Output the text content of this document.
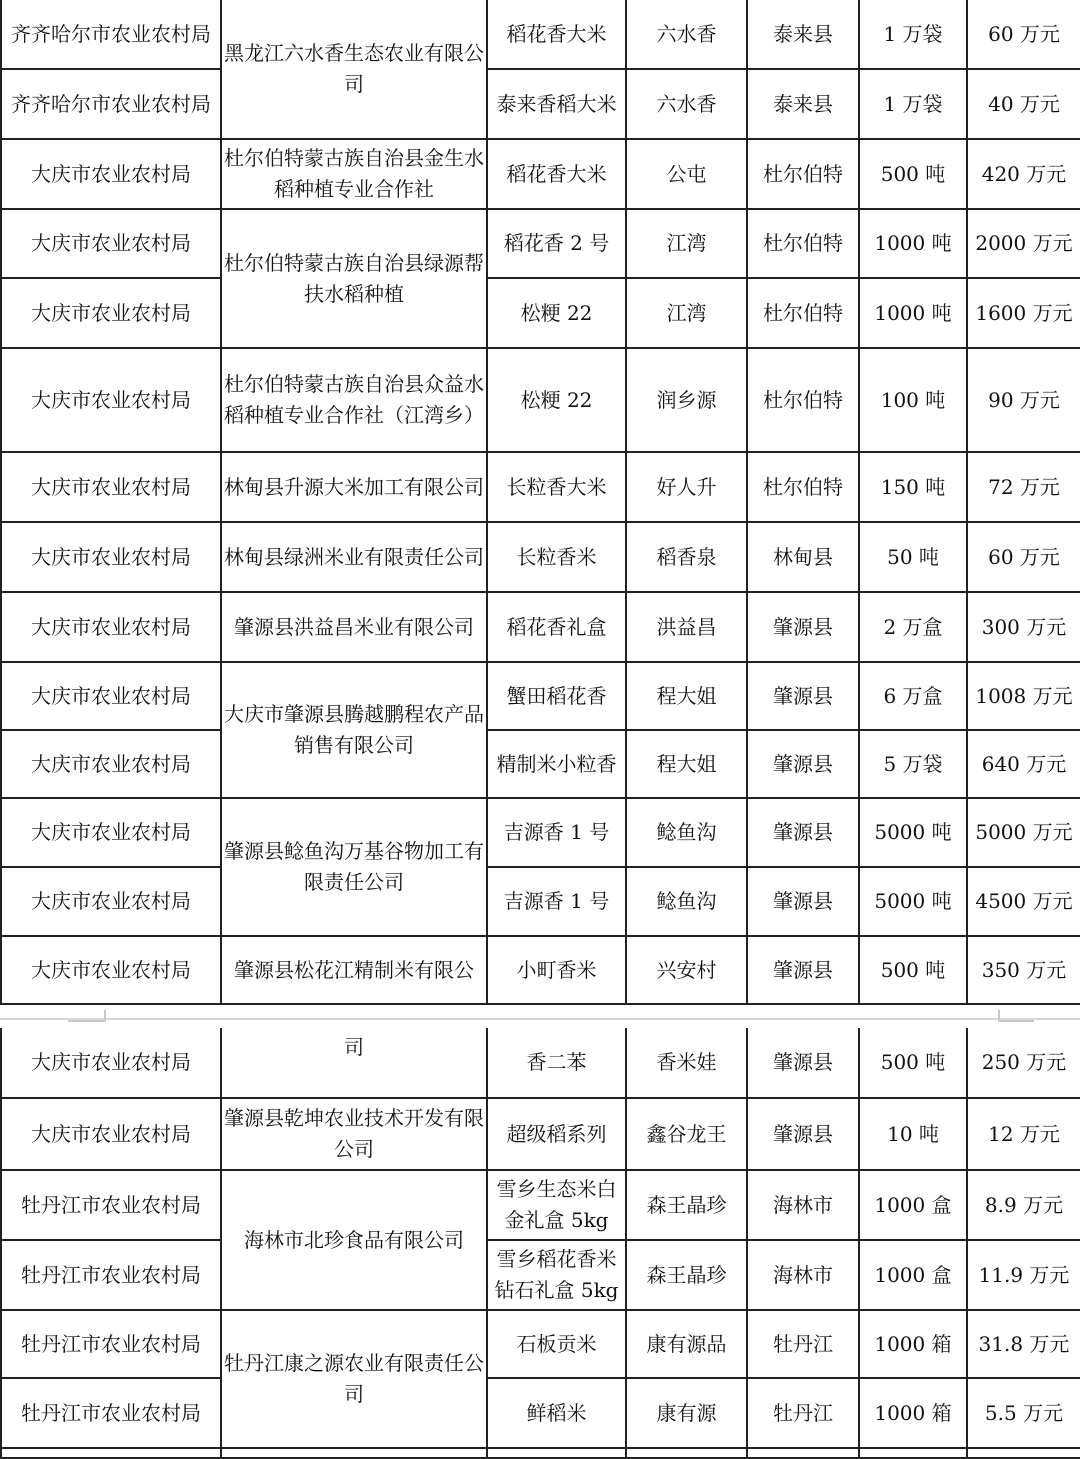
齐齐哈尔市农业农村局	黑龙江六水香生态农业有限公司	稻花香大米	六水香	泰来县	1 万袋	60 万元
齐齐哈尔市农业农村局		泰来香稻大米	六水香	泰来县	1 万袋	40 万元
大庆市农业农村局	杜尔伯特蒙古族自治县金生水稻种植专业合作社	稻花香大米	公屯	杜尔伯特	500 吨	420 万元
大庆市农业农村局	杜尔伯特蒙古族自治县绿源帮扶水稻种植	稻花香 2 号	江湾	杜尔伯特	1000 吨	2000 万元
大庆市农业农村局		松粳 22	江湾	杜尔伯特	1000 吨	1600 万元
大庆市农业农村局	杜尔伯特蒙古族自治县众益水稻种植专业合作社（江湾乡）	松粳 22	润乡源	杜尔伯特	100 吨	90 万元
大庆市农业农村局	林甸县升源大米加工有限公司	长粒香大米	好人升	杜尔伯特	150 吨	72 万元
大庆市农业农村局	林甸县绿洲米业有限责任公司	长粒香米	稻香泉	林甸县	50 吨	60 万元
大庆市农业农村局	肇源县洪益昌米业有限公司	稻花香礼盒	洪益昌	肇源县	2 万盒	300 万元
大庆市农业农村局	大庆市肇源县腾越鹏程农产品销售有限公司	蟹田稻花香	程大姐	肇源县	6 万盒	1008 万元
大庆市农业农村局		精制米小粒香	程大姐	肇源县	5 万袋	640 万元
大庆市农业农村局	肇源县鲶鱼沟万基谷物加工有限责任公司	吉源香 1 号	鲶鱼沟	肇源县	5000 吨	5000 万元
大庆市农业农村局		吉源香 1 号	鲶鱼沟	肇源县	5000 吨	4500 万元
大庆市农业农村局	肇源县松花江精制米有限公	小町香米	兴安村	肇源县	500 吨	350 万元
大庆市农业农村局	司	香二苯	香米娃	肇源县	500 吨	250 万元
大庆市农业农村局	肇源县乾坤农业技术开发有限公司	超级稻系列	鑫谷龙王	肇源县	10 吨	12 万元
牡丹江市农业农村局	海林市北珍食品有限公司	雪乡生态米白金礼盒 5kg	森王晶珍	海林市	1000 盒	8.9 万元
牡丹江市农业农村局		雪乡稻花香米钻石礼盒 5kg	森王晶珍	海林市	1000 盒	11.9 万元
牡丹江市农业农村局	牡丹江康之源农业有限责任公司	石板贡米	康有源品	牡丹江	1000 箱	31.8 万元
牡丹江市农业农村局		鲜稻米	康有源	牡丹江	1000 箱	5.5 万元
